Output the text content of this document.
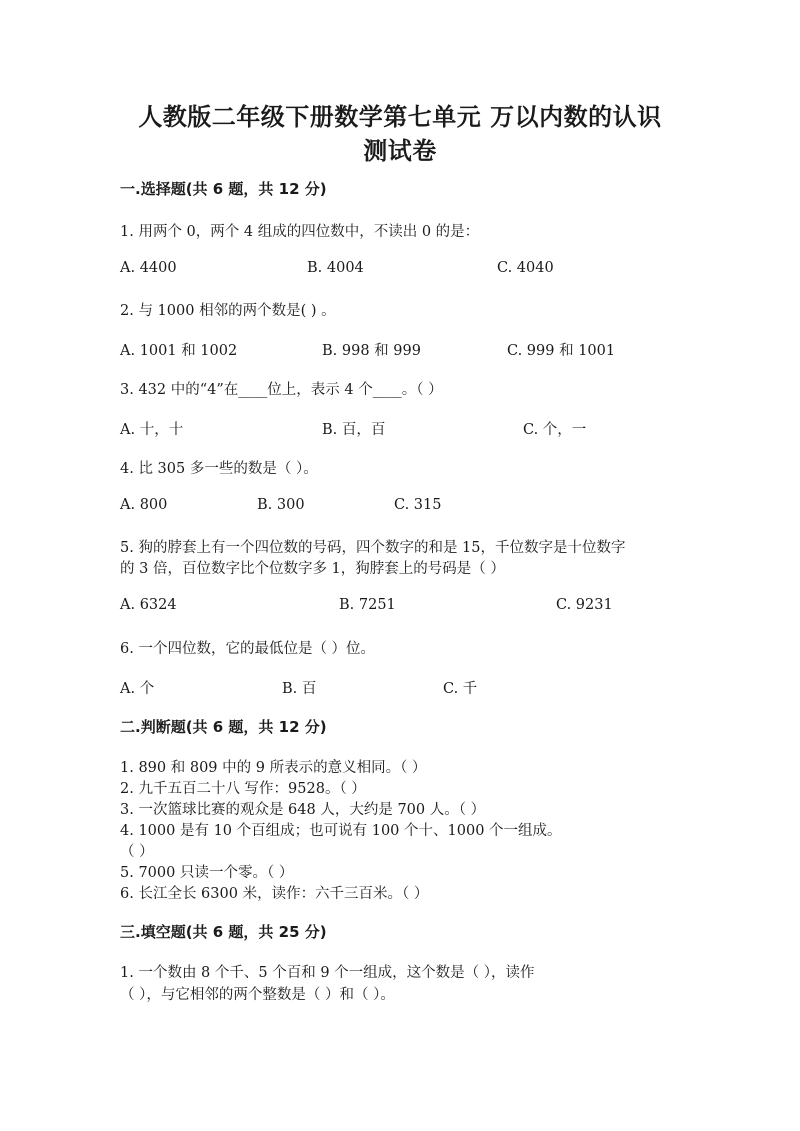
人教版二年级下册数学第七单元 万以内数的认识
测试卷
一.选择题(共 6 题，共 12 分)
1. 用两个 0，两个 4 组成的四位数中，不读出 0 的是：
A. 4400	B. 4004	C. 4040
2. 与 1000 相邻的两个数是( ) 。
A. 1001 和 1002	B. 998 和 999	C. 999 和 1001
3. 432 中的“4”在____位上，表示 4 个____。（ ）
A. 十，十	B. 百，百	C. 个，一
4. 比 305 多一些的数是（ ）。
A. 800	B. 300	C. 315
5. 狗的脖套上有一个四位数的号码，四个数字的和是 15，千位数字是十位数字
的 3 倍，百位数字比个位数字多 1，狗脖套上的号码是（ ）
A. 6324	B. 7251	C. 9231
6. 一个四位数，它的最低位是（ ）位。
A. 个	B. 百	C. 千
二.判断题(共 6 题，共 12 分)
1. 890 和 809 中的 9 所表示的意义相同。（ ）
2. 九千五百二十八 写作：9528。（ ）
3. 一次篮球比赛的观众是 648 人，大约是 700 人。（ ）
4. 1000 是有 10 个百组成；也可说有 100 个十、1000 个一组成。
（ ）
5. 7000 只读一个零。（ ）
6. 长江全长 6300 米，读作：六千三百米。（ ）
三.填空题(共 6 题，共 25 分)
1. 一个数由 8 个千、5 个百和 9 个一组成，这个数是（ ），读作
（ ），与它相邻的两个整数是（ ）和（ ）。
